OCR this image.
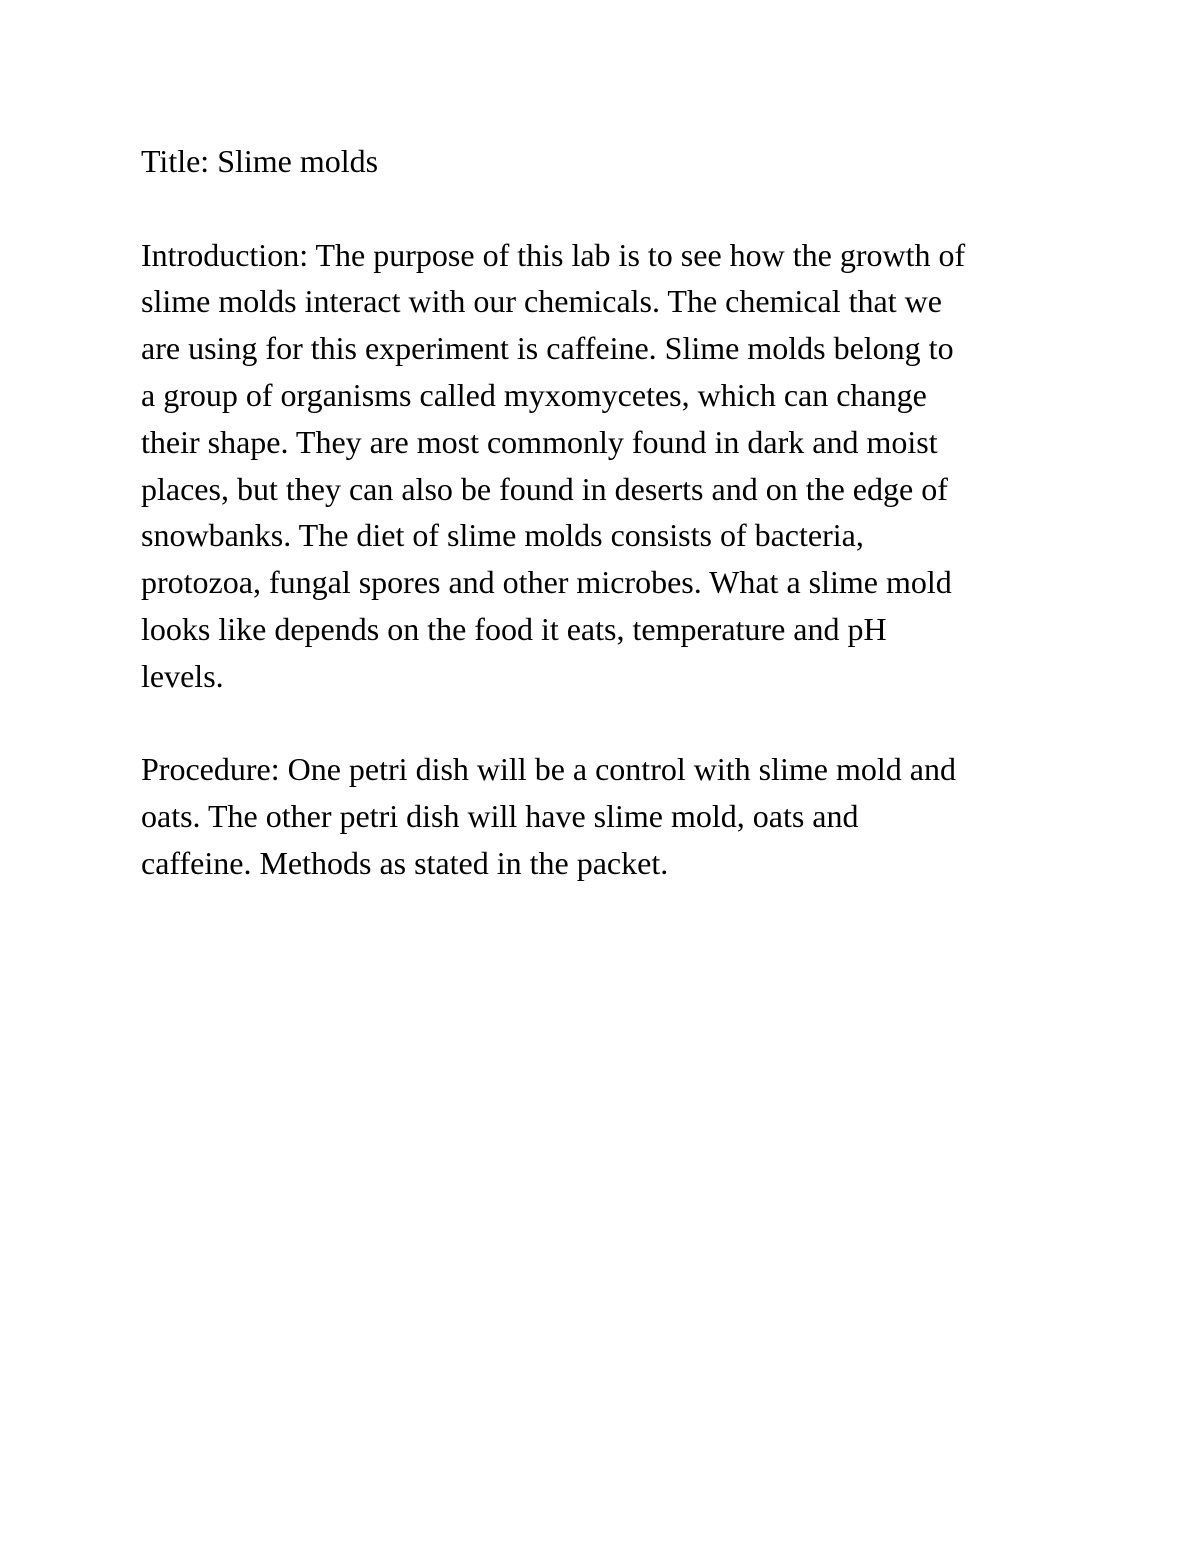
Title: Slime molds

Introduction: The purpose of this lab is to see how the growth of
slime molds interact with our chemicals. The chemical that we
are using for this experiment is caffeine. Slime molds belong to
a group of organisms called myxomycetes, which can change
their shape. They are most commonly found in dark and moist
places, but they can also be found in deserts and on the edge of
snowbanks. The diet of slime molds consists of bacteria,
protozoa, fungal spores and other microbes. What a slime mold
looks like depends on the food it eats, temperature and pH
levels.

Procedure: One petri dish will be a control with slime mold and
oats. The other petri dish will have slime mold, oats and
caffeine. Methods as stated in the packet.
